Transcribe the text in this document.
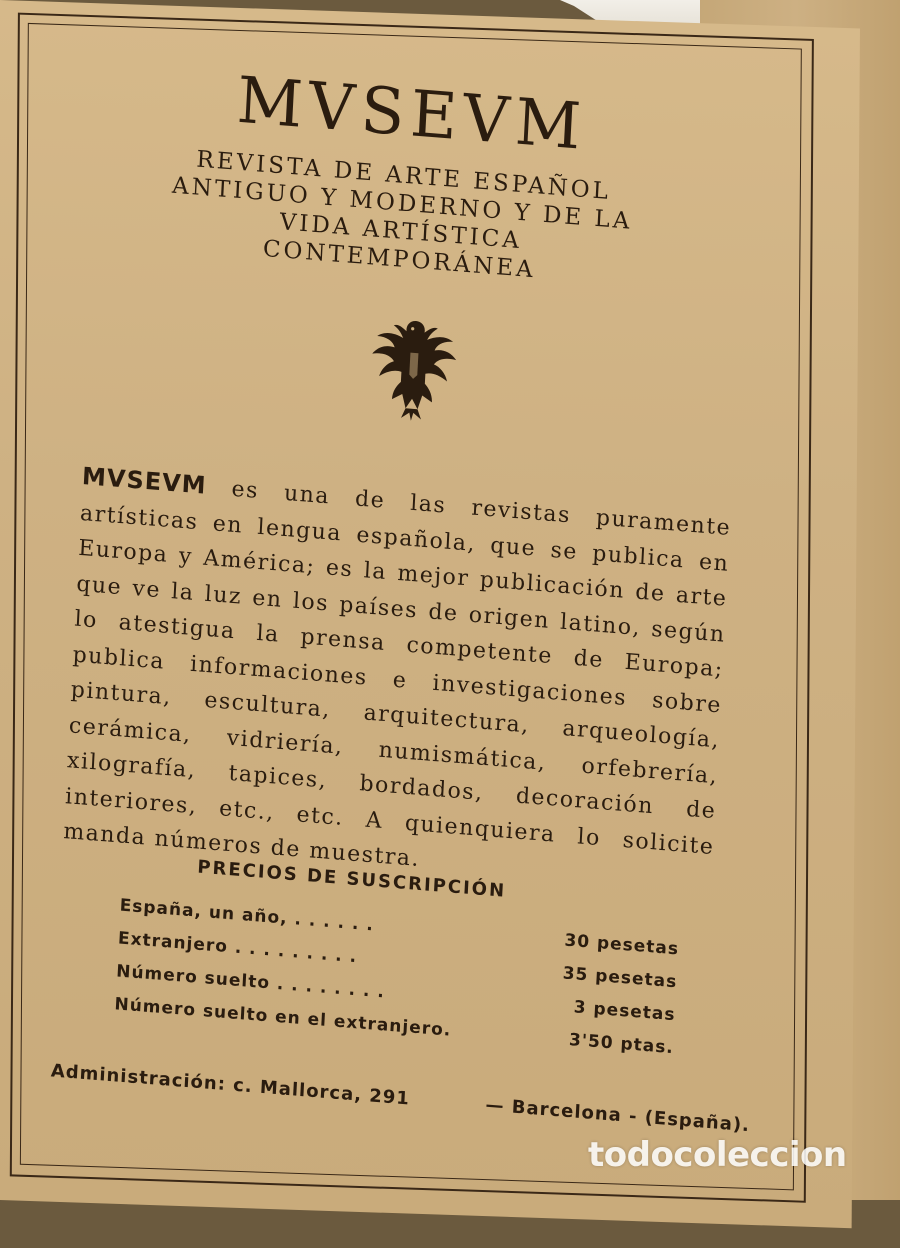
MVSEVM
REVISTA DE ARTE ESPAÑOL ANTIGUO Y MODERNO Y DE LA VIDA ARTÍSTICA CONTEMPORÁNEA
MVSEVM es una de las revistas puramente artísticas en lengua española, que se publica en Europa y América; es la mejor publicación de arte que ve la luz en los países de origen latino, según lo atestigua la prensa competente de Europa; publica informaciones e investigaciones sobre pintura, escultura, arquitectura, arqueología, cerámica, vidriería, numismática, orfebrería, xilografía, tapices, bordados, decoración de interiores, etc., etc. A quienquiera lo solicite manda números de muestra.
PRECIOS DE SUSCRIPCIÓN
España, un año, . . . . . .
30 pesetas
Extranjero . . . . . . . . .
35 pesetas
Número suelto . . . . . . . .
3 pesetas
Número suelto en el extranjero.
3'50 ptas.
Administración: c. Mallorca, 291
— Barcelona - (España).
todocoleccion
